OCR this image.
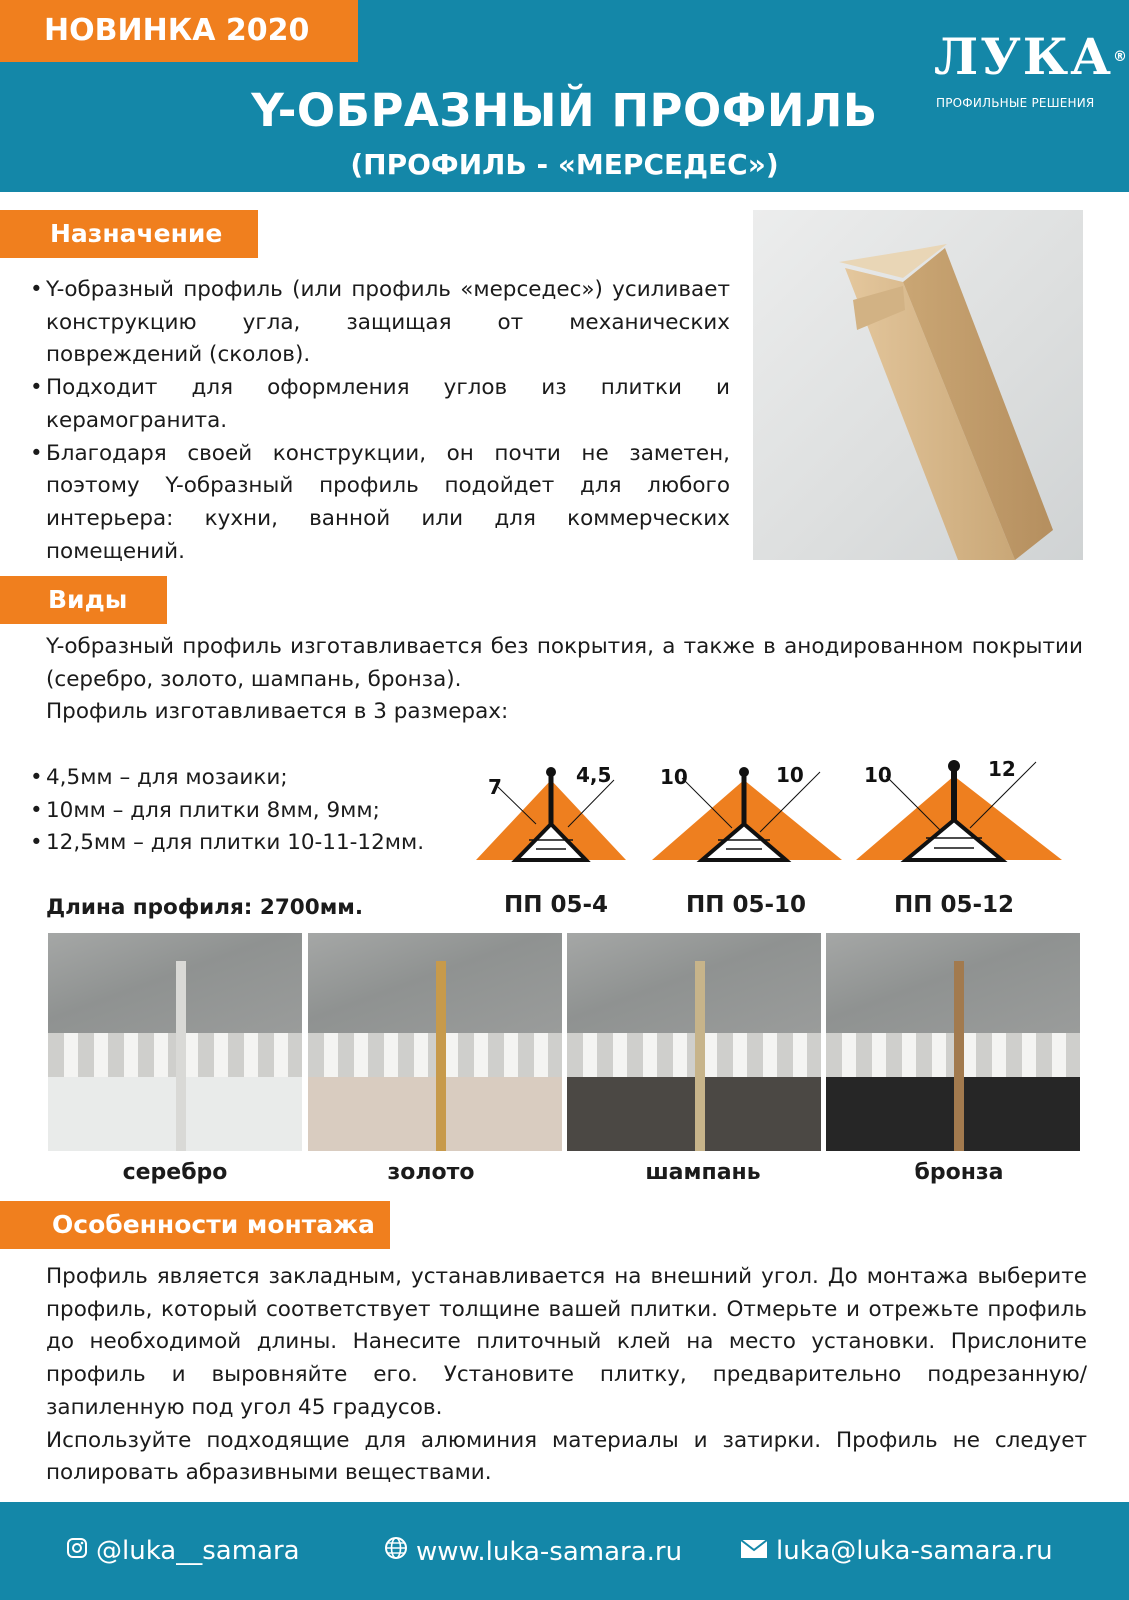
НОВИНКА 2020
Y-ОБРАЗНЫЙ ПРОФИЛЬ
(ПРОФИЛЬ - «МЕРСЕДЕС»)
ЛУКА®
ПРОФИЛЬНЫЕ РЕШЕНИЯ
Назначение
• Y-образный профиль (или профиль «мерседес») усиливает конструкцию угла, защищая от механических повреждений (сколов).
• Подходит для оформления углов из плитки и керамогранита.
• Благодаря своей конструкции, он почти не заметен, поэтому Y-образный профиль подойдет для любого интерьера: кухни, ванной или для коммерческих помещений.
Виды

Y-образный профиль изготавливается без покрытия, а также в анодированном покрытии (серебро, золото, шампань, бронза).

Профиль изготавливается в 3 размерах:

• 4,5мм – для мозаики;
• 10мм – для плитки 8мм, 9мм;
• 12,5мм – для плитки 10-11-12мм.
7	4,5 10	10	10	12
Длина профиля: 2700мм.	ПП 05-4	ПП 05-10	ПП 05-12
серебро	золото	шампань	бронза
Особенности монтажа

Профиль является закладным, устанавливается на внешний угол. До монтажа выберите профиль, который соответствует толщине вашей плитки. Отмерьте и отрежьте профиль до необходимой длины. Нанесите плиточный клей на место установки. Прислоните профиль и выровняйте его. Установите плитку, предварительно подрезанную/запиленную под угол 45 градусов.

Используйте подходящие для алюминия материалы и затирки. Профиль не следует полировать абразивными веществами.

@luka__samara	www.luka-samara.ru	luka@luka-samara.ru
